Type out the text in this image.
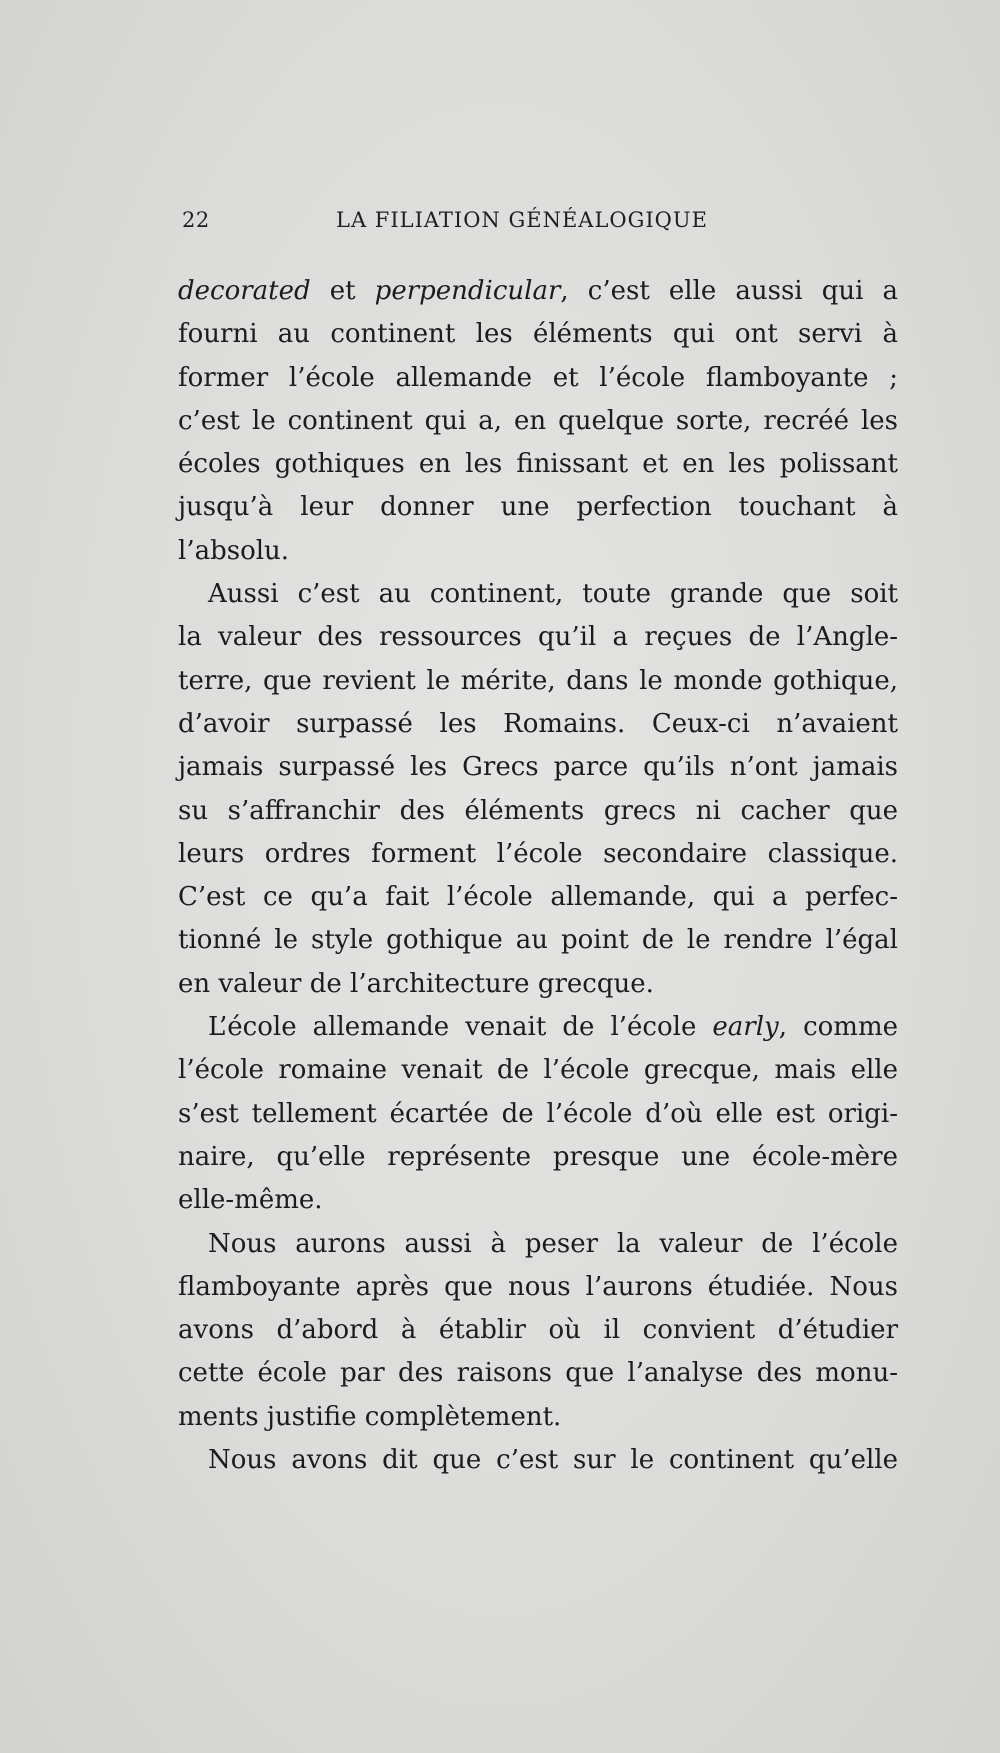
22	LA FILIATION GÉNÉALOGIQUE
decorated et perpendicular, c’est elle aussi qui a
fourni au continent les éléments qui ont servi à
former l’école allemande et l’école flamboyante ;
c’est le continent qui a, en quelque sorte, recréé les
écoles gothiques en les finissant et en les polissant
jusqu’à leur donner une perfection touchant à
l’absolu.
Aussi c’est au continent, toute grande que soit
la valeur des ressources qu’il a reçues de l’Angle-
terre, que revient le mérite, dans le monde gothique,
d’avoir surpassé les Romains. Ceux-ci n’avaient
jamais surpassé les Grecs parce qu’ils n’ont jamais
su s’affranchir des éléments grecs ni cacher que
leurs ordres forment l’école secondaire classique.
C’est ce qu’a fait l’école allemande, qui a perfec-
tionné le style gothique au point de le rendre l’égal
en valeur de l’architecture grecque.
L’école allemande venait de l’école early, comme
l’école romaine venait de l’école grecque, mais elle
s’est tellement écartée de l’école d’où elle est origi-
naire, qu’elle représente presque une école-mère
elle-même.
Nous aurons aussi à peser la valeur de l’école
flamboyante après que nous l’aurons étudiée. Nous
avons d’abord à établir où il convient d’étudier
cette école par des raisons que l’analyse des monu-
ments justifie complètement.
Nous avons dit que c’est sur le continent qu’elle
